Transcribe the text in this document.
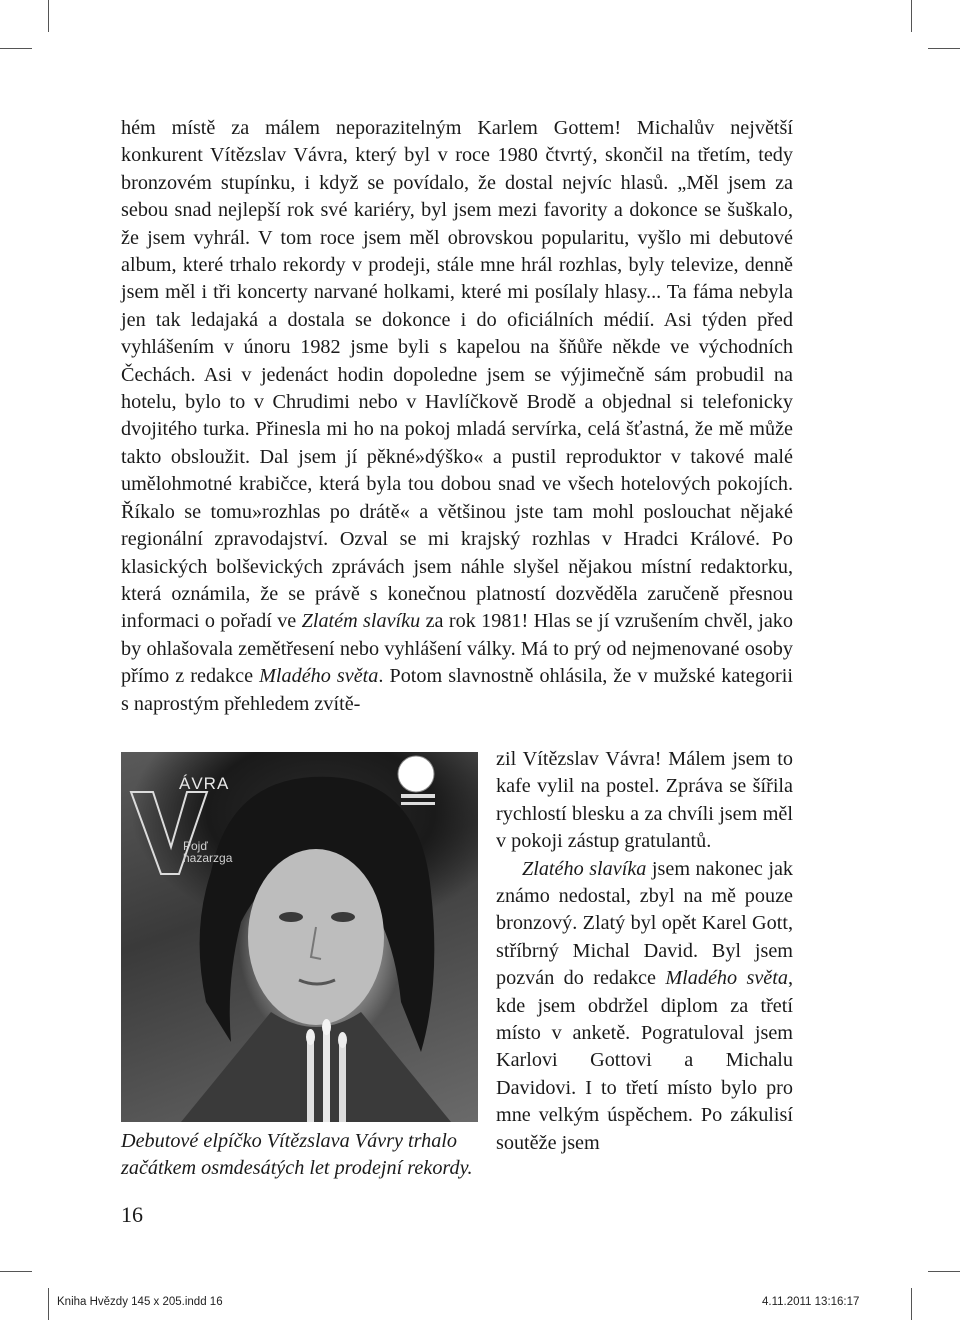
hém místě za málem neporazitelným Karlem Gottem! Michalův největší konkurent Vítězslav Vávra, který byl v roce 1980 čtvrtý, skončil na třetím, tedy bronzovém stupínku, i když se povídalo, že dostal nejvíc hlasů. „Měl jsem za sebou snad nejlepší rok své kariéry, byl jsem mezi favority a dokonce se šuškalo, že jsem vyhrál. V tom roce jsem měl obrovskou popularitu, vyšlo mi debutové album, které trhalo rekordy v prodeji, stále mne hrál rozhlas, byly televize, denně jsem měl i tři koncerty narvané holkami, které mi posílaly hlasy... Ta fáma nebyla jen tak ledajaká a dostala se dokonce i do oficiálních médií. Asi týden před vyhlášením v únoru 1982 jsme byli s kapelou na šňůře někde ve východních Čechách. Asi v jedenáct hodin dopoledne jsem se výjimečně sám probudil na hotelu, bylo to v Chrudimi nebo v Havlíčkově Brodě a objednal si telefonicky dvojitého turka. Přinesla mi ho na pokoj mladá servírka, celá šťastná, že mě může takto obsloužit. Dal jsem jí pěkné»dýško« a pustil reproduktor v takové malé umělohmotné krabičce, která byla tou dobou snad ve všech hotelových pokojích. Říkalo se tomu»rozhlas po drátě« a většinou jste tam mohl poslouchat nějaké regionální zpravodajství. Ozval se mi krajský rozhlas v Hradci Králové. Po klasických bolševických zprávách jsem náhle slyšel nějakou místní redaktorku, která oznámila, že se právě s konečnou platností dozvěděla zaručeně přesnou informaci o pořadí ve Zlatém slavíku za rok 1981! Hlas se jí vzrušením chvěl, jako by ohlašovala zemětřesení nebo vyhlášení války. Má to prý od nejmenované osoby přímo z redakce Mladého světa. Potom slavnostně ohlásila, že v mužské kategorii s naprostým přehledem zvítě-

zil Vítězslav Vávra! Málem jsem to kafe vylil na postel. Zpráva se šířila rychlostí blesku a za chvíli jsem měl v pokoji zástup gratulantů.

Zlatého slavíka jsem nakonec jak známo nedostal, zbyl na mě pouze bronzový. Zlatý byl opět Karel Gott, stříbrný Michal David. Byl jsem pozván do redakce Mladého světa, kde jsem obdržel diplom za třetí místo v anketě. Pogratuloval jsem Karlovi Gottovi a Michalu Davidovi. I to třetí místo bylo pro mne velkým úspěchem. Po zákulisí soutěže jsem

ÁVRA
Pojď hazarzga
Debutové elpíčko Vítězslava Vávry trhalo začátkem osmdesátých let prodejní rekordy.
16
Kniha Hvězdy 145 x 205.indd 16	4.11.2011 13:16:17
